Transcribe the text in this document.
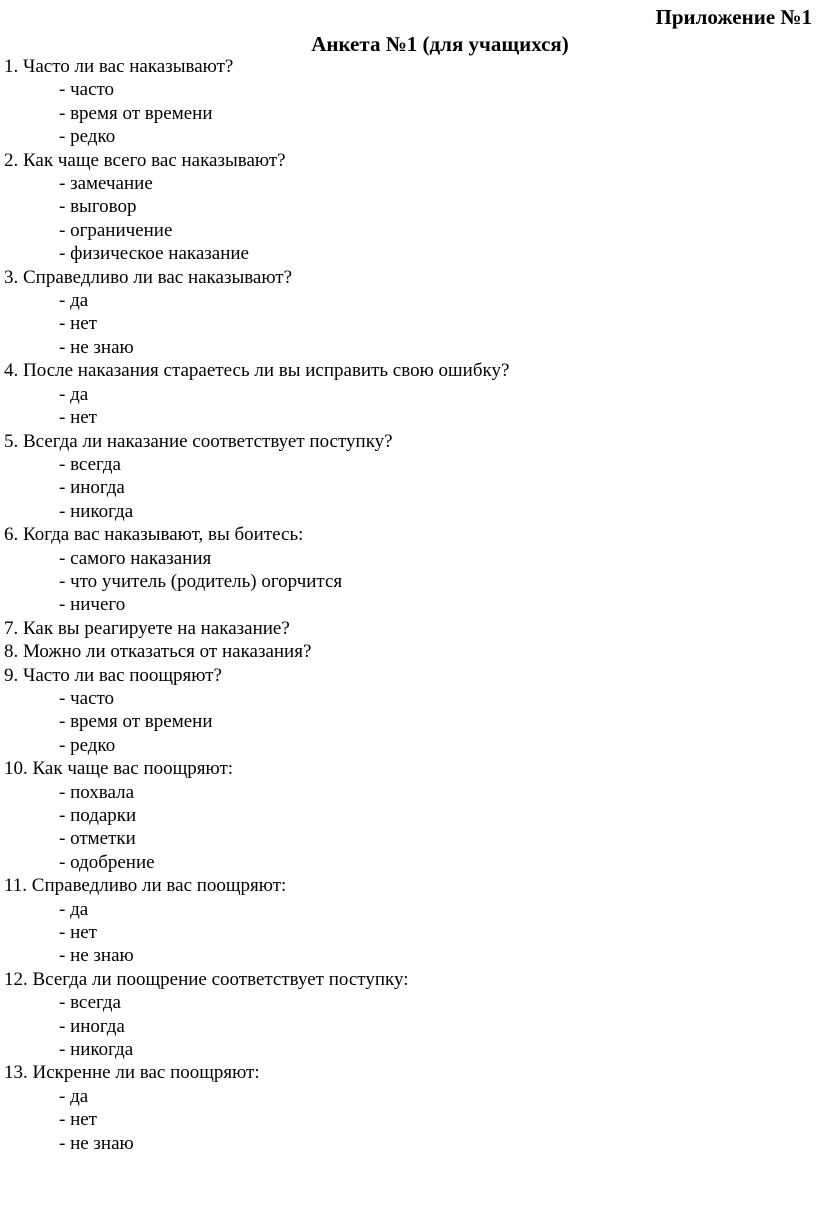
Приложение №1
Анкета №1 (для учащихся)
1. Часто ли вас наказывают?
- часто
- время от времени
- редко
2. Как чаще всего вас наказывают?
- замечание
- выговор
- ограничение
- физическое наказание
3. Справедливо ли вас наказывают?
- да
- нет
- не знаю
4. После наказания стараетесь ли вы исправить свою ошибку?
- да
- нет
5. Всегда ли наказание соответствует поступку?
- всегда
- иногда
- никогда
6. Когда вас наказывают, вы боитесь:
- самого наказания
- что учитель (родитель) огорчится
- ничего
7. Как вы реагируете на наказание?
8. Можно ли отказаться от наказания?
9. Часто ли вас поощряют?
- часто
- время от времени
- редко
10. Как чаще вас поощряют:
- похвала
- подарки
- отметки
- одобрение
11. Справедливо ли вас поощряют:
- да
- нет
- не знаю
12. Всегда ли поощрение соответствует поступку:
- всегда
- иногда
- никогда
13. Искренне ли вас поощряют:
- да
- нет
- не знаю
